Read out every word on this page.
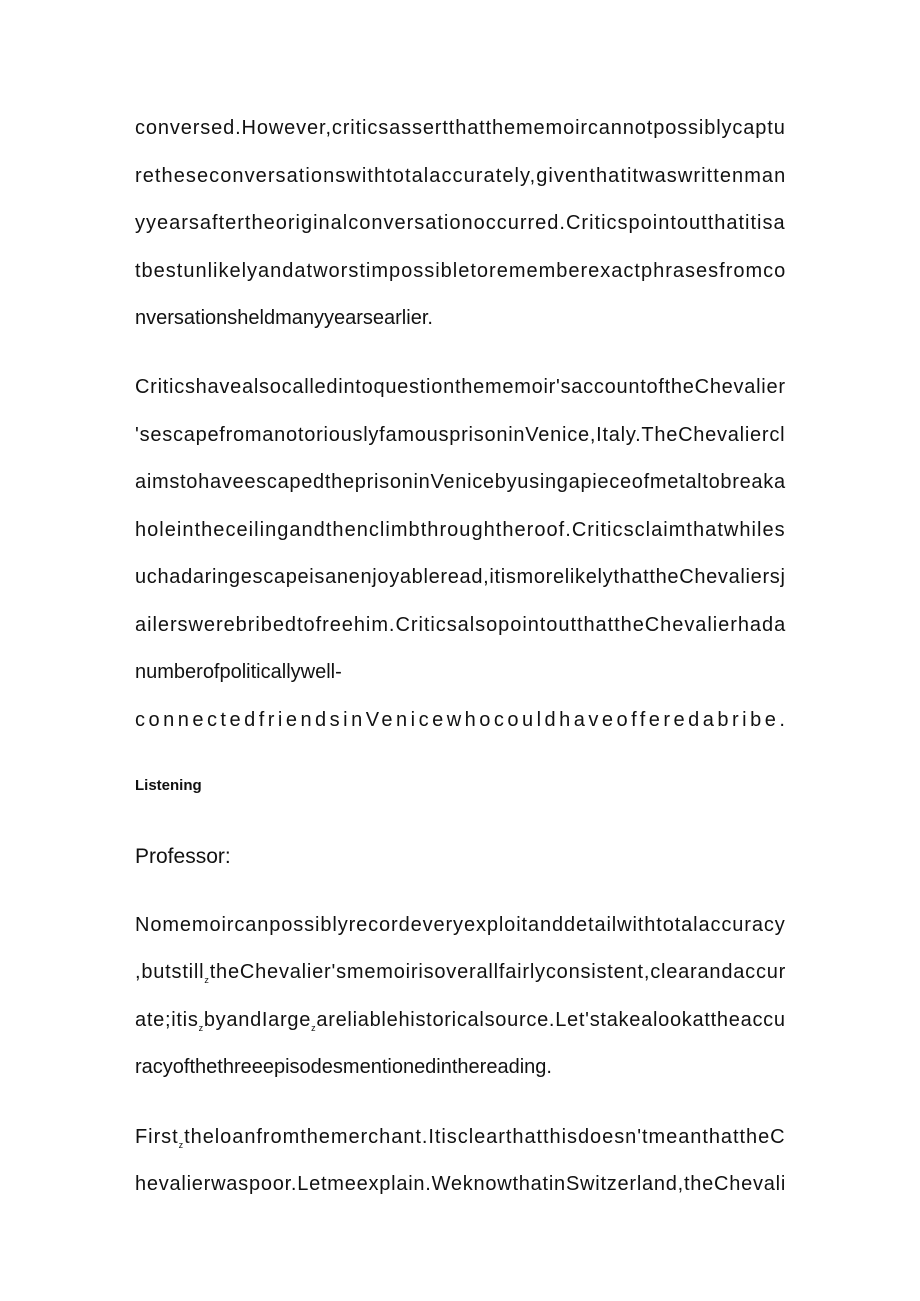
conversed.However,criticsassertthatthememoircannotpossiblycaptu
retheseconversationswithtotalaccurately,giventhatitwaswrittenman
yyearsaftertheoriginalconversationoccurred.Criticspointoutthatitisa
tbestunlikelyandatworstimpossibletorememberexactphrasesfromco
nversationsheldmanyyearsearlier.
Criticshavealsocalledintoquestionthememoir'saccountoftheChevalier
'sescapefromanotoriouslyfamousprisoninVenice,Italy.TheChevaliercl
aimstohaveescapedtheprisoninVenicebyusingapieceofmetaltobreaka
holeintheceilingandthenclimbthroughtheroof.Criticsclaimthatwhiles
uchadaringescapeisanenjoyableread,itismorelikelythattheChevaliersj
ailerswerebribedtofreehim.CriticsalsopointoutthattheChevalierhada
numberofpoliticallywell-
connectedfriendsinVenicewhocouldhaveofferedabribe.
Listening
Professor:
Nomemoircanpossiblyrecordeveryexploitanddetailwithtotalaccuracy
,butstill$_z$theChevalier'smemoirisoverallfairlyconsistent,clearandaccur
ate;itis$_z$byandIarge$_z$areliablehistoricalsource.Let'stakealookattheaccu
racyofthethreeepisodesmentionedinthereading.
First$_z$theloanfromthemerchant.Itisclearthatthisdoesn'tmeanthattheC
hevalierwaspoor.Letmeexplain.WeknowthatinSwitzerland,theChevali
